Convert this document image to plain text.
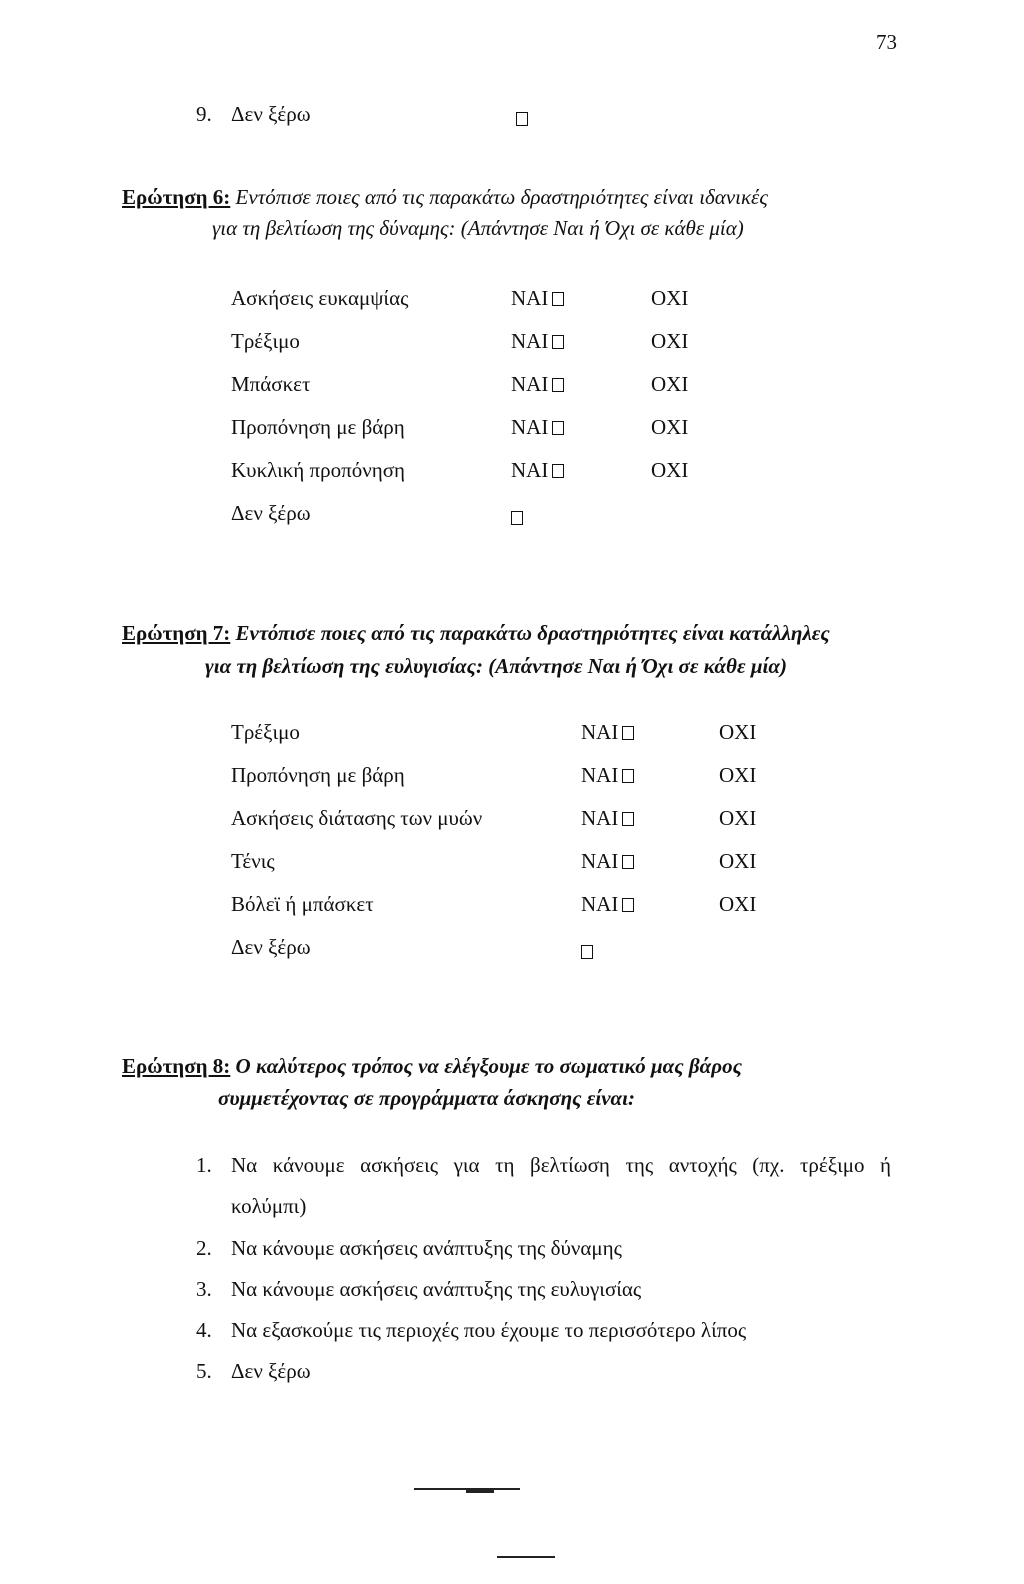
73
9. Δεν ξέρω
Ερώτηση 6: Εντόπισε ποιες από τις παρακάτω δραστηριότητες είναι ιδανικές
για τη βελτίωση της δύναμης: (Απάντησε Ναι ή Όχι σε κάθε μία)
Ασκήσεις ευκαμψίας	ΝΑΙ	ΟΧΙ
Τρέξιμο	ΝΑΙ	ΟΧΙ
Μπάσκετ	ΝΑΙ	ΟΧΙ
Προπόνηση με βάρη	ΝΑΙ	ΟΧΙ
Κυκλική προπόνηση	ΝΑΙ	ΟΧΙ
Δεν ξέρω
Ερώτηση 7: Εντόπισε ποιες από τις παρακάτω δραστηριότητες είναι κατάλληλες
για τη βελτίωση της ευλυγισίας: (Απάντησε Ναι ή Όχι σε κάθε μία)
Τρέξιμο	ΝΑΙ	ΟΧΙ
Προπόνηση με βάρη	ΝΑΙ	ΟΧΙ
Ασκήσεις διάτασης των μυών	ΝΑΙ	ΟΧΙ
Τένις	ΝΑΙ	ΟΧΙ
Βόλεϊ ή μπάσκετ	ΝΑΙ	ΟΧΙ
Δεν ξέρω
Ερώτηση 8: Ο καλύτερος τρόπος να ελέγξουμε το σωματικό μας βάρος
συμμετέχοντας σε προγράμματα άσκησης είναι:
1. Να κάνουμε ασκήσεις για τη βελτίωση της αντοχής (πχ. τρέξιμο ή
κολύμπι)
2. Να κάνουμε ασκήσεις ανάπτυξης της δύναμης
3. Να κάνουμε ασκήσεις ανάπτυξης της ευλυγισίας
4. Να εξασκούμε τις περιοχές που έχουμε το περισσότερο λίπος
5. Δεν ξέρω
